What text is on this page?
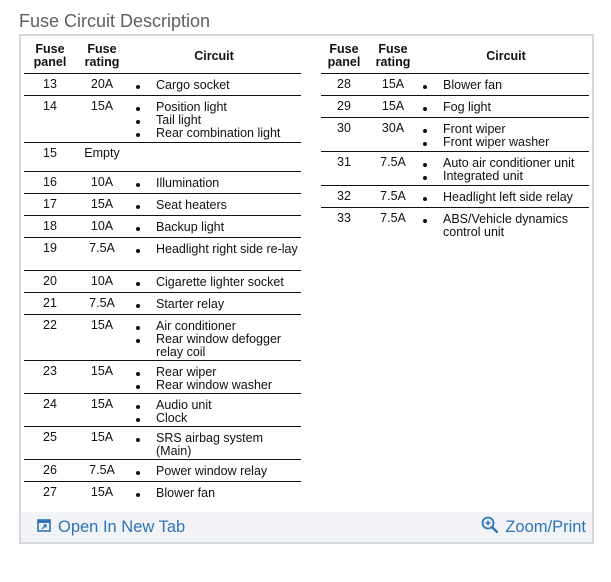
Fuse Circuit Description
Fuse
panel
Fuse
rating	Circuit
13	20A	Cargo socket
14	15A	Position light
Tail light
Rear combination light
15	Empty
16	10A	Illumination
17	15A	Seat heaters
18	10A	Backup light
19	7.5A	Headlight right side re-lay
20	10A	Cigarette lighter socket
21	7.5A	Starter relay
22	15A	Air conditioner
Rear window defogger relay coil
23	15A	Rear wiper
Rear window washer
24	15A	Audio unit
Clock
25	15A	SRS airbag system (Main)
26	7.5A	Power window relay
27	15A	Blower fan
Fuse
panel
Fuse
rating	Circuit
28	15A	Blower fan
29	15A	Fog light
30	30A	Front wiper
Front wiper washer
31	7.5A	Auto air conditioner unit
Integrated unit
32	7.5A	Headlight left side relay
33	7.5A	ABS/Vehicle dynamics control unit
Open In New Tab	Zoom/Print
